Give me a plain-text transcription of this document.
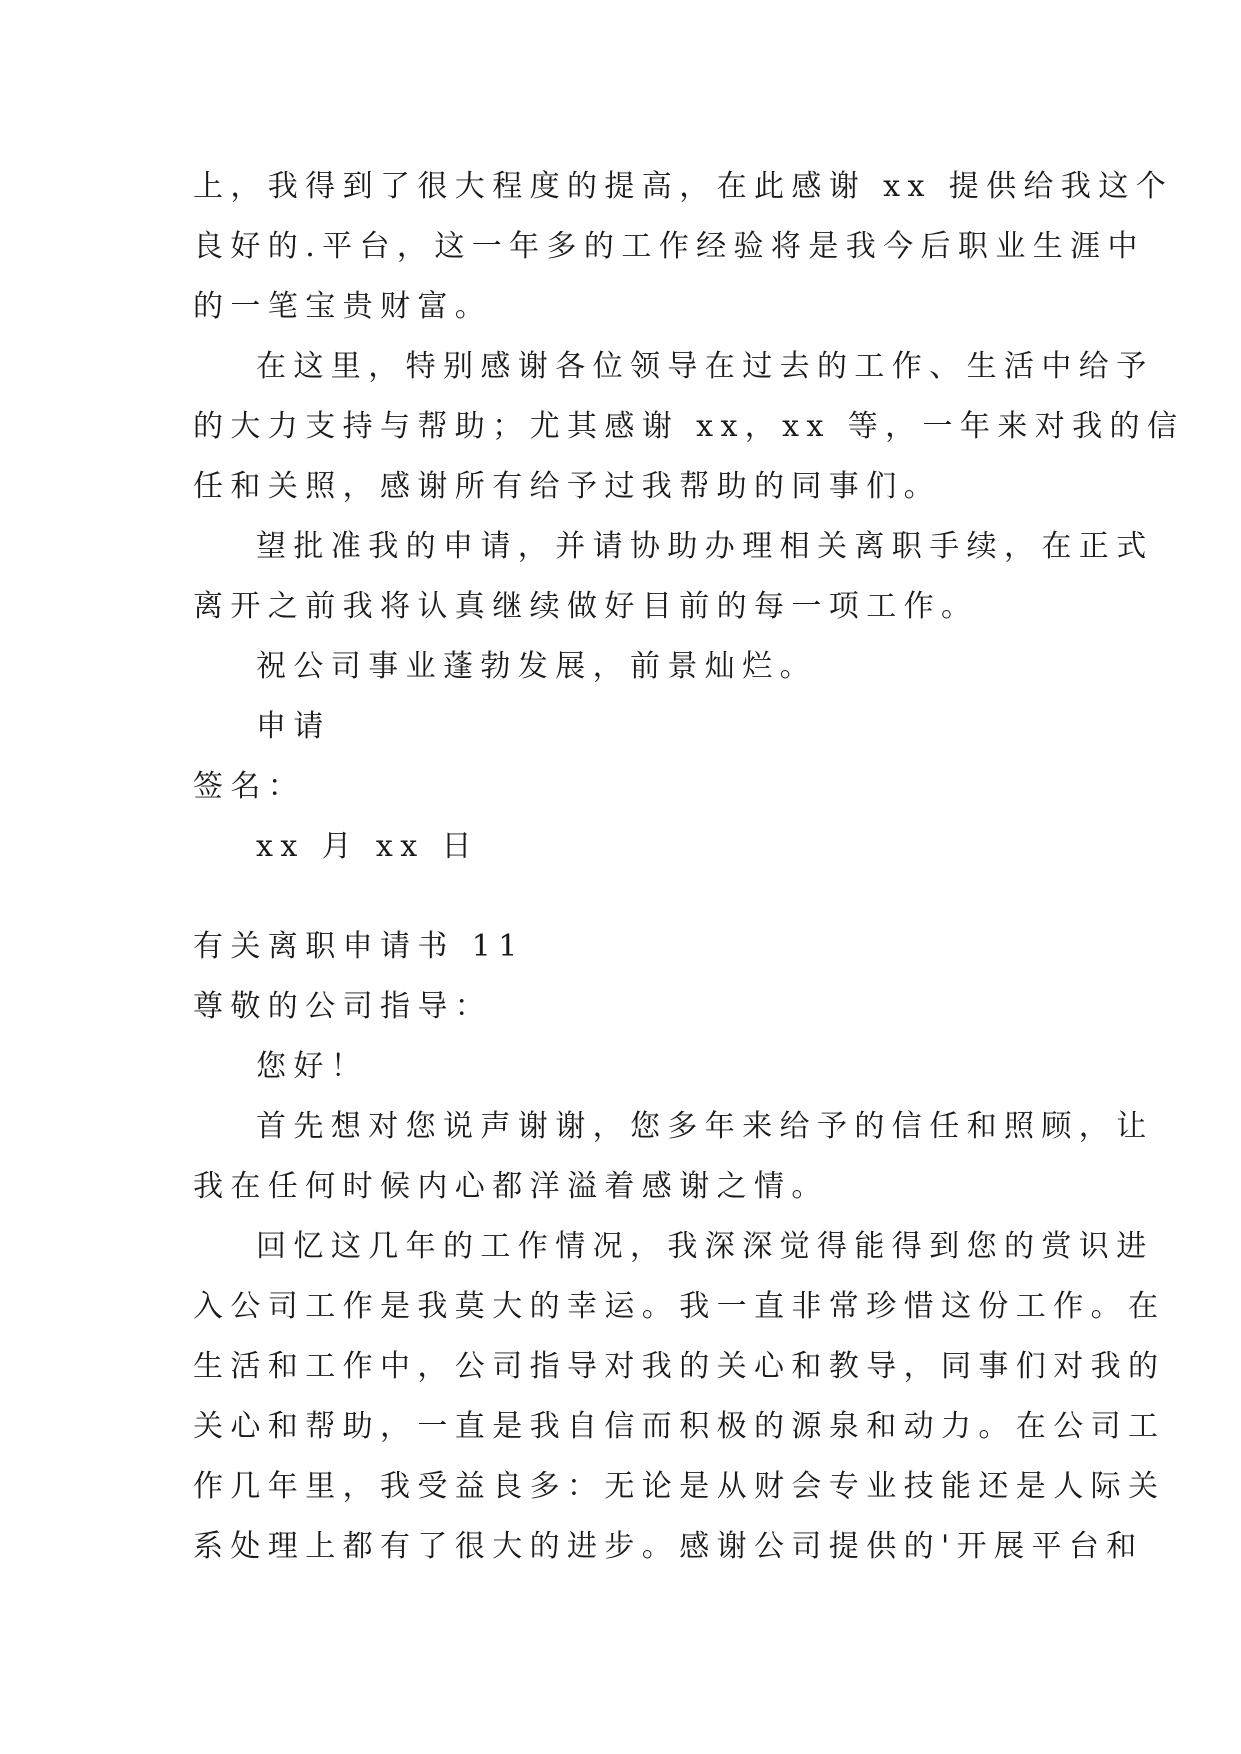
上，我得到了很大程度的提高，在此感谢 xx 提供给我这个
良好的.平台，这一年多的工作经验将是我今后职业生涯中
的一笔宝贵财富。
在这里，特别感谢各位领导在过去的工作、生活中给予
的大力支持与帮助；尤其感谢 xx，xx 等，一年来对我的信
任和关照，感谢所有给予过我帮助的同事们。
望批准我的申请，并请协助办理相关离职手续，在正式
离开之前我将认真继续做好目前的每一项工作。
祝公司事业蓬勃发展，前景灿烂。
申请
签名：
xx 月 xx 日
有关离职申请书 11
尊敬的公司指导：
您好！
首先想对您说声谢谢，您多年来给予的信任和照顾，让
我在任何时候内心都洋溢着感谢之情。
回忆这几年的工作情况，我深深觉得能得到您的赏识进
入公司工作是我莫大的幸运。我一直非常珍惜这份工作。在
生活和工作中，公司指导对我的关心和教导，同事们对我的
关心和帮助，一直是我自信而积极的源泉和动力。在公司工
作几年里，我受益良多：无论是从财会专业技能还是人际关
系处理上都有了很大的进步。感谢公司提供的'开展平台和
